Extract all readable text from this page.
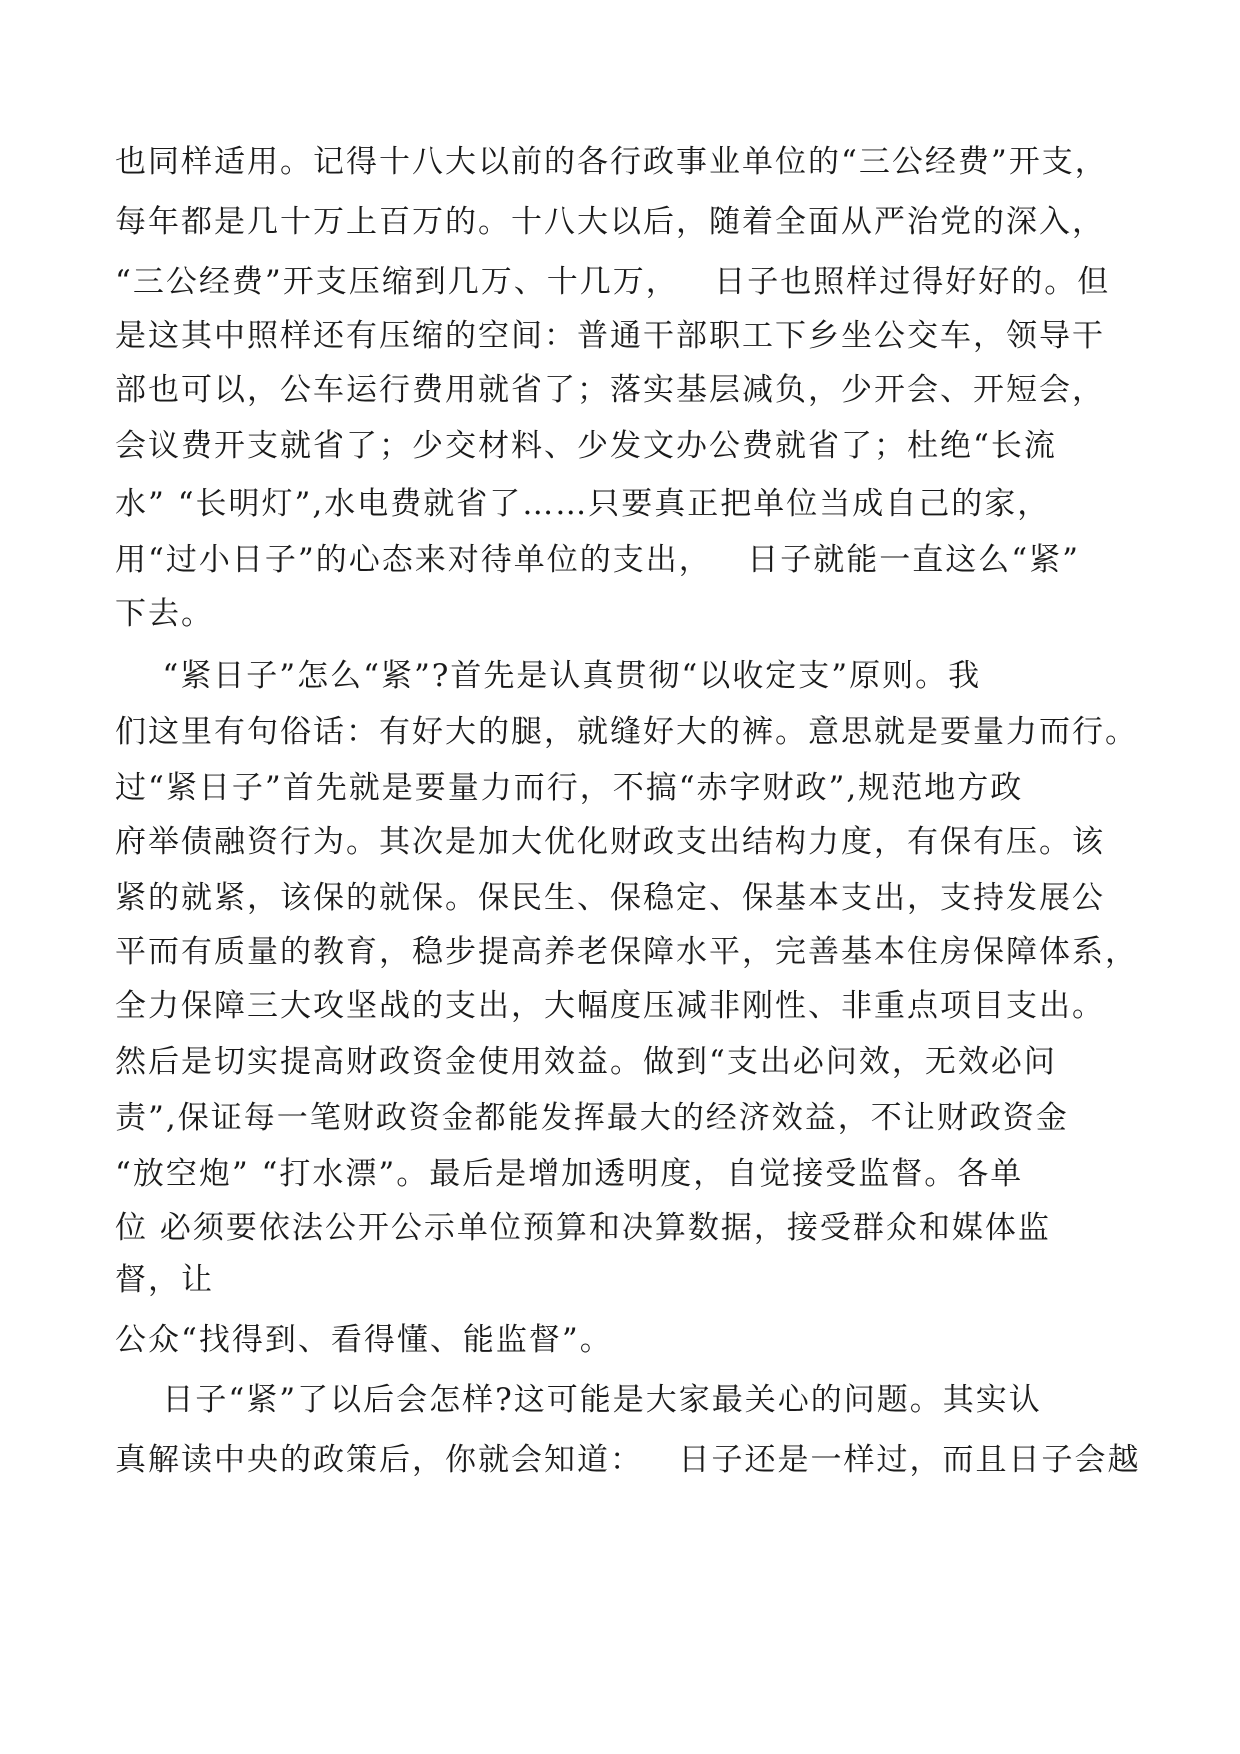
也同样适用。记得十八大以前的各行政事业单位的“三公经费”开支，
每年都是几十万上百万的。十八大以后，随着全面从严治党的深入，
“三公经费”开支压缩到几万、十几万，   日子也照样过得好好的。但
是这其中照样还有压缩的空间：普通干部职工下乡坐公交车，领导干
部也可以，公车运行费用就省了；落实基层减负，少开会、开短会，
会议费开支就省了；少交材料、少发文办公费就省了；杜绝“长流
水” “长明灯”,水电费就省了……只要真正把单位当成自己的家，
用“过小日子”的心态来对待单位的支出，   日子就能一直这么“紧”
下去。
“紧日子”怎么“紧”?首先是认真贯彻“以收定支”原则。我
们这里有句俗话：有好大的腿，就缝好大的裤。意思就是要量力而行。
过“紧日子”首先就是要量力而行，不搞“赤字财政”,规范地方政
府举债融资行为。其次是加大优化财政支出结构力度，有保有压。该
紧的就紧，该保的就保。保民生、保稳定、保基本支出，支持发展公
平而有质量的教育，稳步提高养老保障水平，完善基本住房保障体系，
全力保障三大攻坚战的支出，大幅度压减非刚性、非重点项目支出。
然后是切实提高财政资金使用效益。做到“支出必问效，无效必问
责”,保证每一笔财政资金都能发挥最大的经济效益，不让财政资金
“放空炮” “打水漂”。最后是增加透明度，自觉接受监督。各单
位 必须要依法公开公示单位预算和决算数据，接受群众和媒体监
督，让
公众“找得到、看得懂、能监督”。
日子“紧”了以后会怎样?这可能是大家最关心的问题。其实认
真解读中央的政策后，你就会知道：   日子还是一样过，而且日子会越
